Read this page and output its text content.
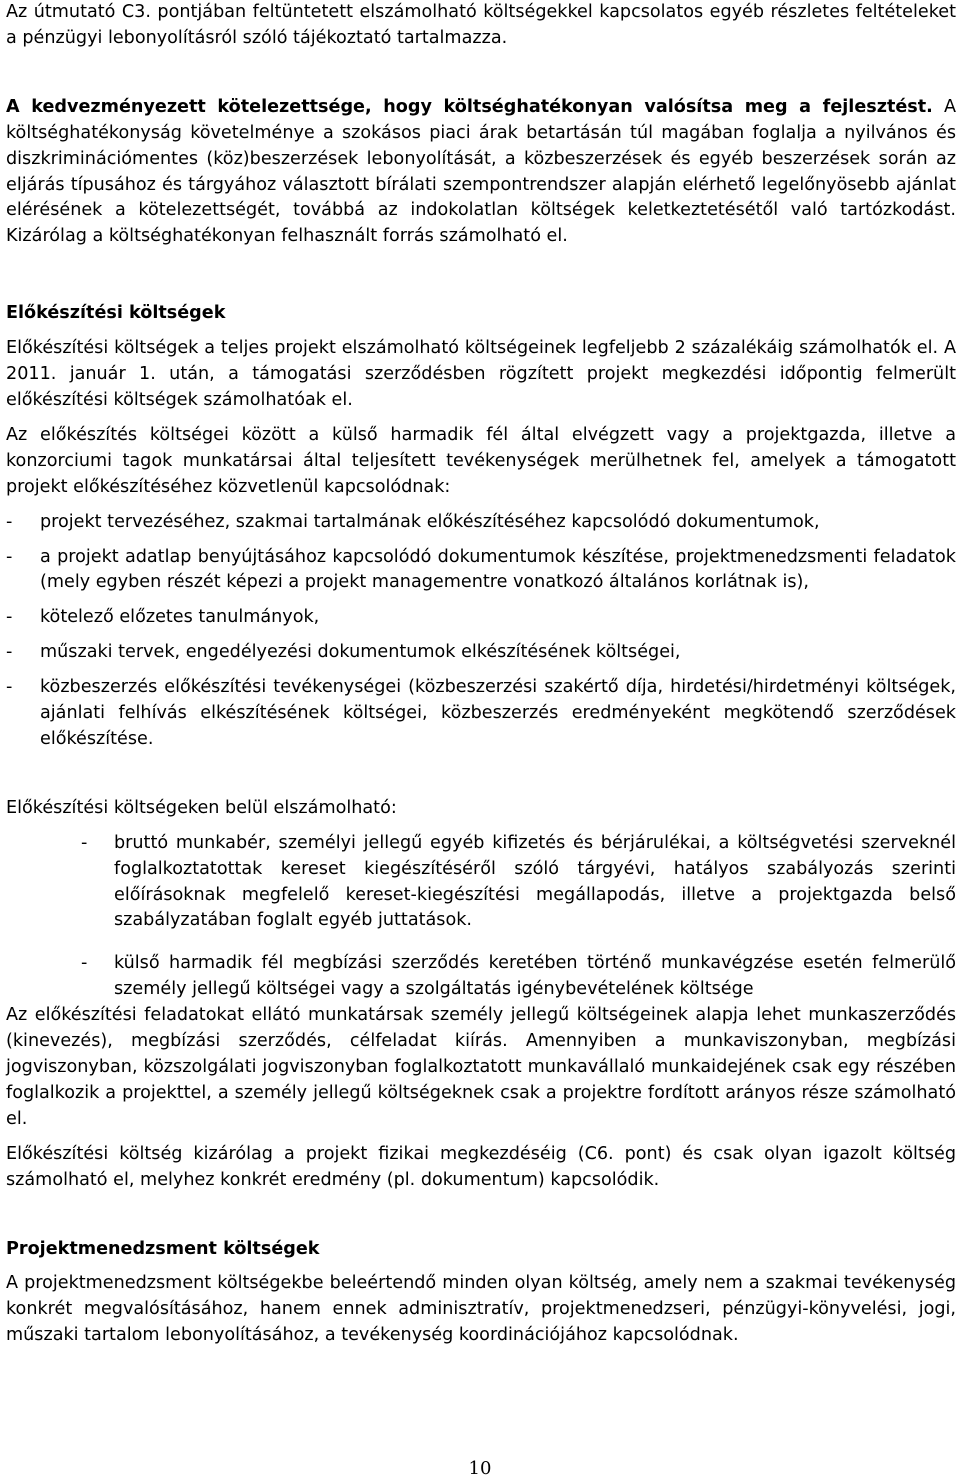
Az útmutató C3. pontjában feltüntetett elszámolható költségekkel kapcsolatos egyéb részletes feltételeket a pénzügyi lebonyolításról szóló tájékoztató tartalmazza.

A kedvezményezett kötelezettsége, hogy költséghatékonyan valósítsa meg a fejlesztést. A költséghatékonyság követelménye a szokásos piaci árak betartásán túl magában foglalja a nyilvános és diszkriminációmentes (köz)beszerzések lebonyolítását, a közbeszerzések és egyéb beszerzések során az eljárás típusához és tárgyához választott bírálati szempontrendszer alapján elérhető legelőnyösebb ajánlat elérésének a kötelezettségét, továbbá az indokolatlan költségek keletkeztetésétől való tartózkodást. Kizárólag a költséghatékonyan felhasznált forrás számolható el.

Előkészítési költségek

Előkészítési költségek a teljes projekt elszámolható költségeinek legfeljebb 2 százalékáig számolhatók el. A 2011. január 1. után, a támogatási szerződésben rögzített projekt megkezdési időpontig felmerült előkészítési költségek számolhatóak el.

Az előkészítés költségei között a külső harmadik fél által elvégzett vagy a projektgazda, illetve a konzorciumi tagok munkatársai által teljesített tevékenységek merülhetnek fel, amelyek a támogatott projekt előkészítéséhez közvetlenül kapcsolódnak:

-	projekt tervezéséhez, szakmai tartalmának előkészítéséhez kapcsolódó dokumentumok,
-	a projekt adatlap benyújtásához kapcsolódó dokumentumok készítése, projektmenedzsmenti feladatok (mely egyben részét képezi a projekt managementre vonatkozó általános korlátnak is),
-	kötelező előzetes tanulmányok,
-	műszaki tervek, engedélyezési dokumentumok elkészítésének költségei,
-	közbeszerzés előkészítési tevékenységei (közbeszerzési szakértő díja, hirdetési/hirdetményi költségek, ajánlati felhívás elkészítésének költségei, közbeszerzés eredményeként megkötendő szerződések előkészítése.

Előkészítési költségeken belül elszámolható:

-	bruttó munkabér, személyi jellegű egyéb kifizetés és bérjárulékai, a költségvetési szerveknél foglalkoztatottak kereset kiegészítéséről szóló tárgyévi, hatályos szabályozás szerinti előírásoknak megfelelő kereset-kiegészítési megállapodás, illetve a projektgazda belső szabályzatában foglalt egyéb juttatások.
-	külső harmadik fél megbízási szerződés keretében történő munkavégzése esetén felmerülő személy jellegű költségei vagy a szolgáltatás igénybevételének költsége

Az előkészítési feladatokat ellátó munkatársak személy jellegű költségeinek alapja lehet munkaszerződés (kinevezés), megbízási szerződés, célfeladat kiírás. Amennyiben a munkaviszonyban, megbízási jogviszonyban, közszolgálati jogviszonyban foglalkoztatott munkavállaló munkaidejének csak egy részében foglalkozik a projekttel, a személy jellegű költségeknek csak a projektre fordított arányos része számolható el.

Előkészítési költség kizárólag a projekt fizikai megkezdéséig (C6. pont) és csak olyan igazolt költség számolható el, melyhez konkrét eredmény (pl. dokumentum) kapcsolódik.

Projektmenedzsment költségek

A projektmenedzsment költségekbe beleértendő minden olyan költség, amely nem a szakmai tevékenység konkrét megvalósításához, hanem ennek adminisztratív, projektmenedzseri, pénzügyi-könyvelési, jogi, műszaki tartalom lebonyolításához, a tevékenység koordinációjához kapcsolódnak.

10
